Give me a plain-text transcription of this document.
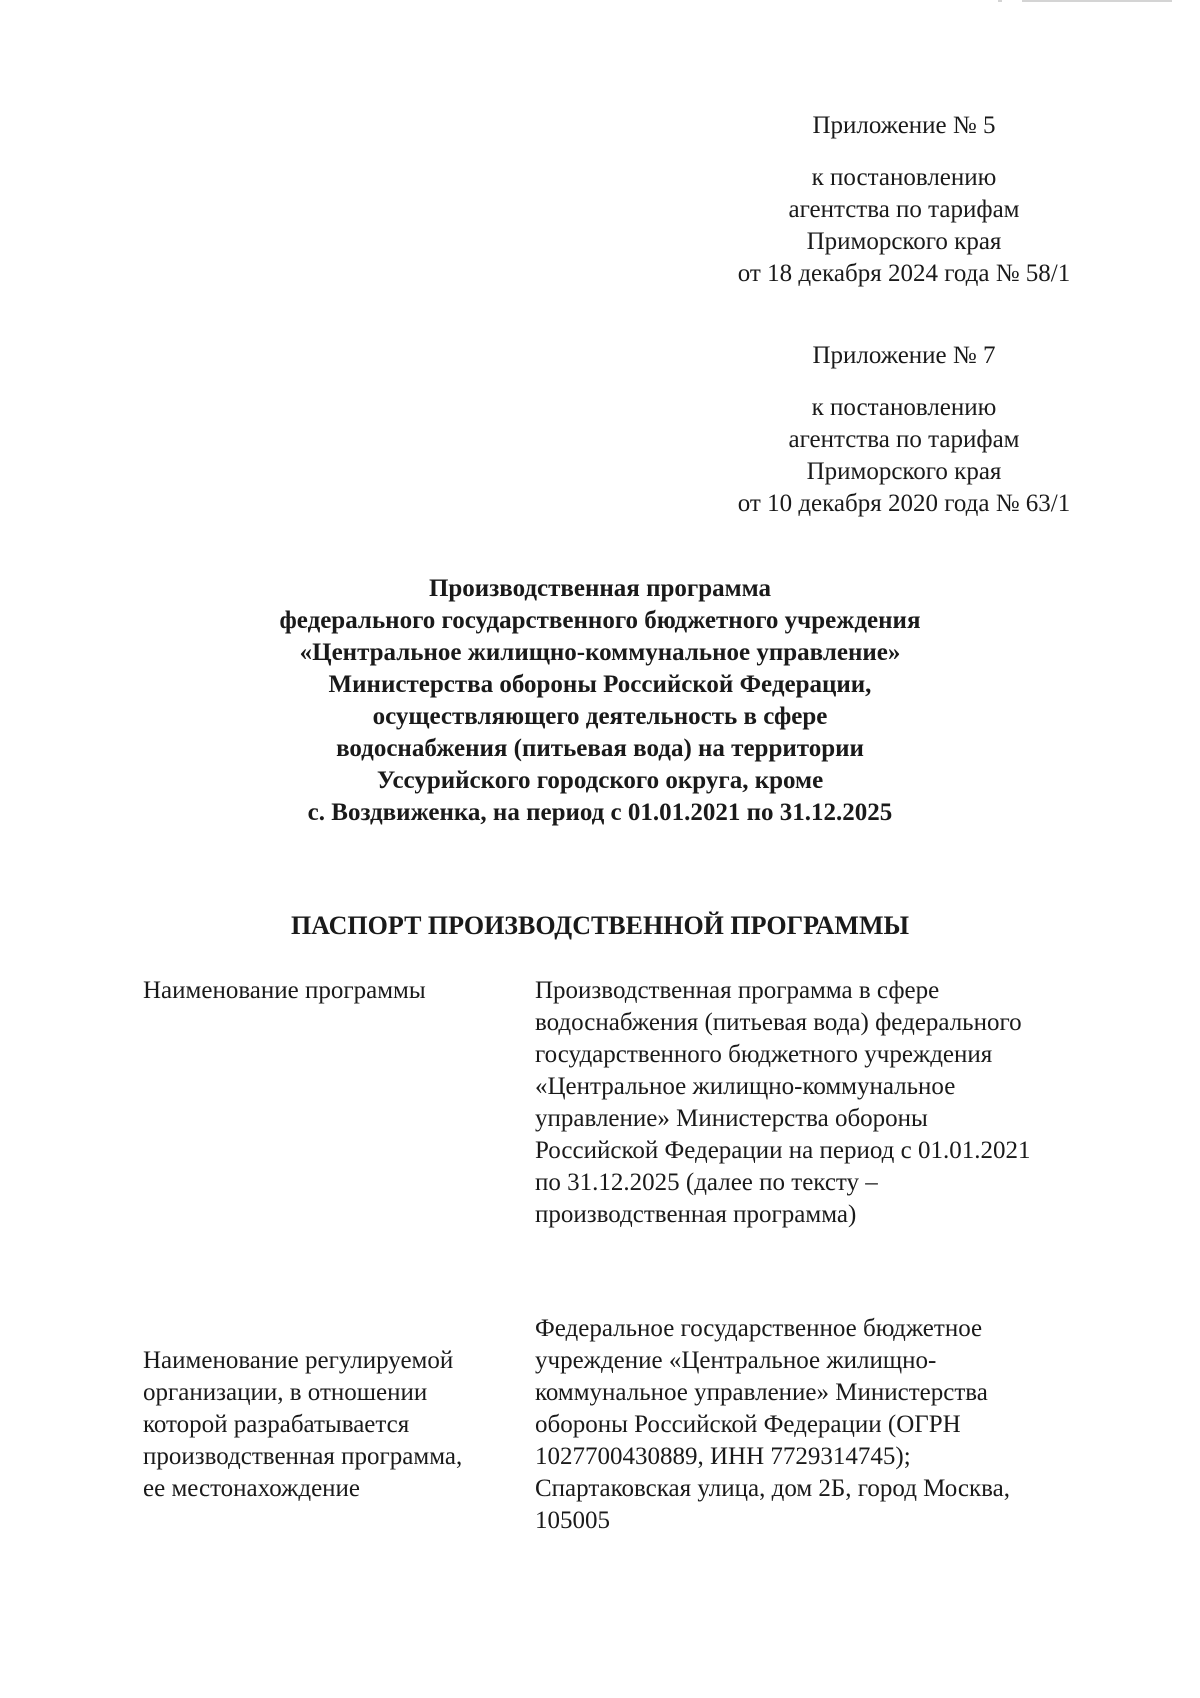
Приложение № 5
к постановлению
агентства по тарифам
Приморского края
от 18 декабря 2024 года № 58/1
Приложение № 7
к постановлению
агентства по тарифам
Приморского края
от 10 декабря 2020 года № 63/1
Производственная программа
федерального государственного бюджетного учреждения
«Центральное жилищно-коммунальное управление»
Министерства обороны Российской Федерации,
осуществляющего деятельность в сфере
водоснабжения (питьевая вода) на территории
Уссурийского городского округа, кроме
с. Воздвиженка, на период с 01.01.2021 по 31.12.2025
ПАСПОРТ ПРОИЗВОДСТВЕННОЙ ПРОГРАММЫ
Наименование программы	Производственная программа в сфере
водоснабжения (питьевая вода) федерального
государственного бюджетного учреждения
«Центральное жилищно-коммунальное
управление» Министерства обороны
Российской Федерации на период с 01.01.2021
по 31.12.2025 (далее по тексту –
производственная программа)
Наименование регулируемой
организации, в отношении
которой разрабатывается
производственная программа,
ее местонахождение
Федеральное государственное бюджетное
учреждение «Центральное жилищно-
коммунальное управление» Министерства
обороны Российской Федерации (ОГРН
1027700430889, ИНН 7729314745);
Спартаковская улица, дом 2Б, город Москва,
105005
